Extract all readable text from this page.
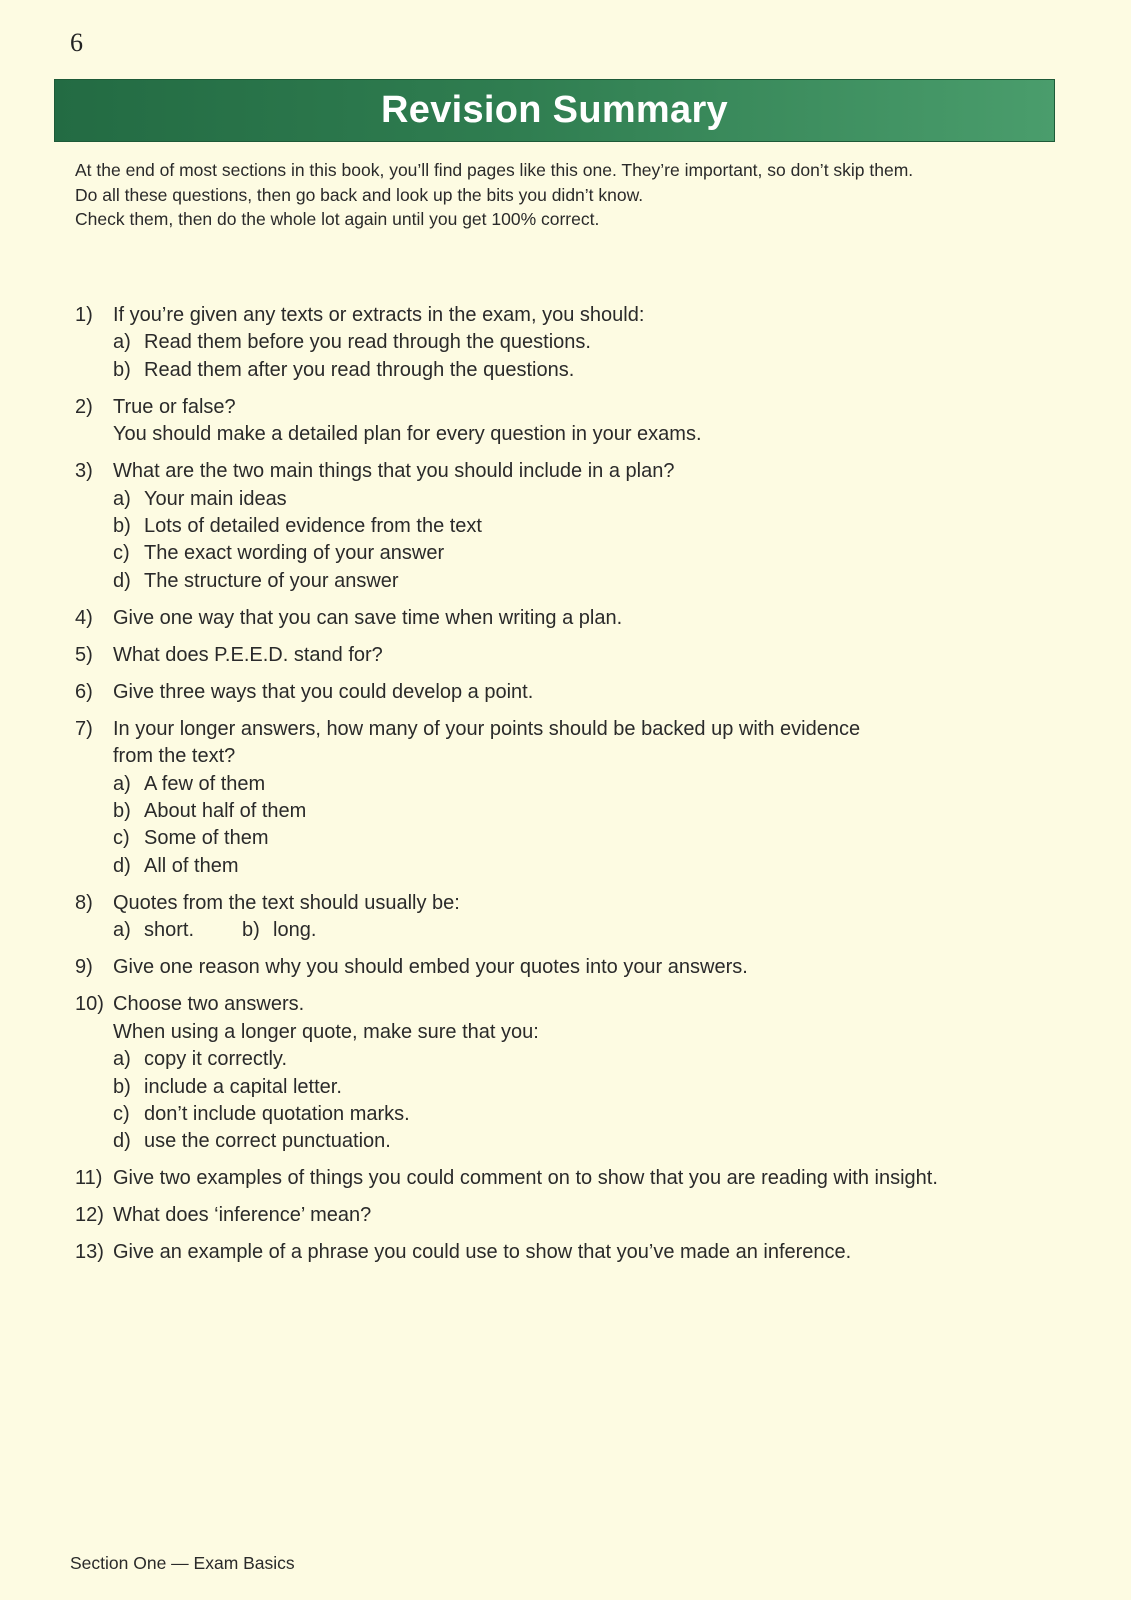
6
Revision Summary

At the end of most sections in this book, you’ll find pages like this one. They’re important, so don’t skip them.

Do all these questions, then go back and look up the bits you didn’t know.

Check them, then do the whole lot again until you get 100% correct.

1)	If you’re given any texts or extracts in the exam, you should:
a) Read them before you read through the questions.
b) Read them after you read through the questions.
2)	True or false?
You should make a detailed plan for every question in your exams.
3)	What are the two main things that you should include in a plan?
a) Your main ideas
b) Lots of detailed evidence from the text
c) The exact wording of your answer
d) The structure of your answer
4)	Give one way that you can save time when writing a plan.
5)	What does P.E.E.D. stand for?
6)	Give three ways that you could develop a point.
7)	In your longer answers, how many of your points should be backed up with evidence
from the text?
a) A few of them
b) About half of them
c) Some of them
d) All of them
8)	Quotes from the text should usually be:
a) short. b) long.
9)	Give one reason why you should embed your quotes into your answers.
10) Choose two answers.
When using a longer quote, make sure that you:
a) copy it correctly.
b) include a capital letter.
c) don’t include quotation marks.
d) use the correct punctuation.
11) Give two examples of things you could comment on to show that you are reading with insight.
12) What does ‘inference’ mean?
13) Give an example of a phrase you could use to show that you’ve made an inference.
Section One — Exam Basics
